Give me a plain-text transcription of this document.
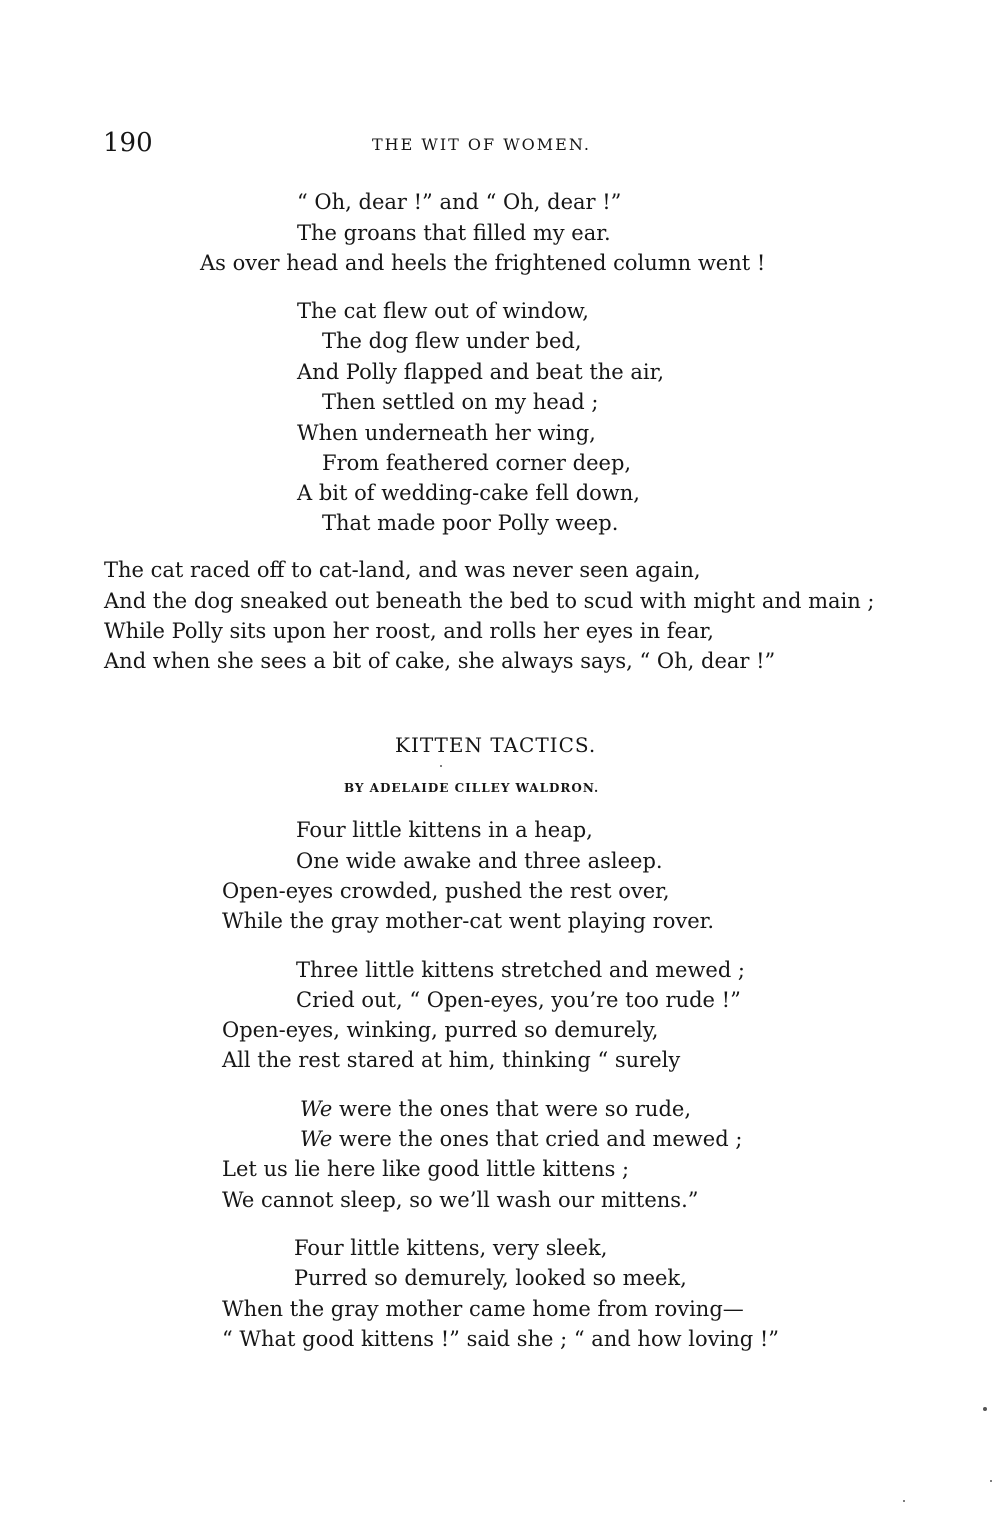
190	THE WIT OF WOMEN.
“ Oh, dear !” and “ Oh, dear !”
The groans that filled my ear.
As over head and heels the frightened column went !
The cat flew out of window,
The dog flew under bed,
And Polly flapped and beat the air,
Then settled on my head ;
When underneath her wing,
From feathered corner deep,
A bit of wedding-cake fell down,
That made poor Polly weep.
The cat raced off to cat-land, and was never seen again,
And the dog sneaked out beneath the bed to scud with might and main ;
While Polly sits upon her roost, and rolls her eyes in fear,
And when she sees a bit of cake, she always says, “ Oh, dear !”
KITTEN TACTICS.
BY ADELAIDE CILLEY WALDRON.
Four little kittens in a heap,
One wide awake and three asleep.
Open-eyes crowded, pushed the rest over,
While the gray mother-cat went playing rover.
Three little kittens stretched and mewed ;
Cried out, “ Open-eyes, you’re too rude !”
Open-eyes, winking, purred so demurely,
All the rest stared at him, thinking “ surely
We were the ones that were so rude,
We were the ones that cried and mewed ;
Let us lie here like good little kittens ;
We cannot sleep, so we’ll wash our mittens.”
Four little kittens, very sleek,
Purred so demurely, looked so meek,
When the gray mother came home from roving—
“ What good kittens !” said she ; “ and how loving !”
